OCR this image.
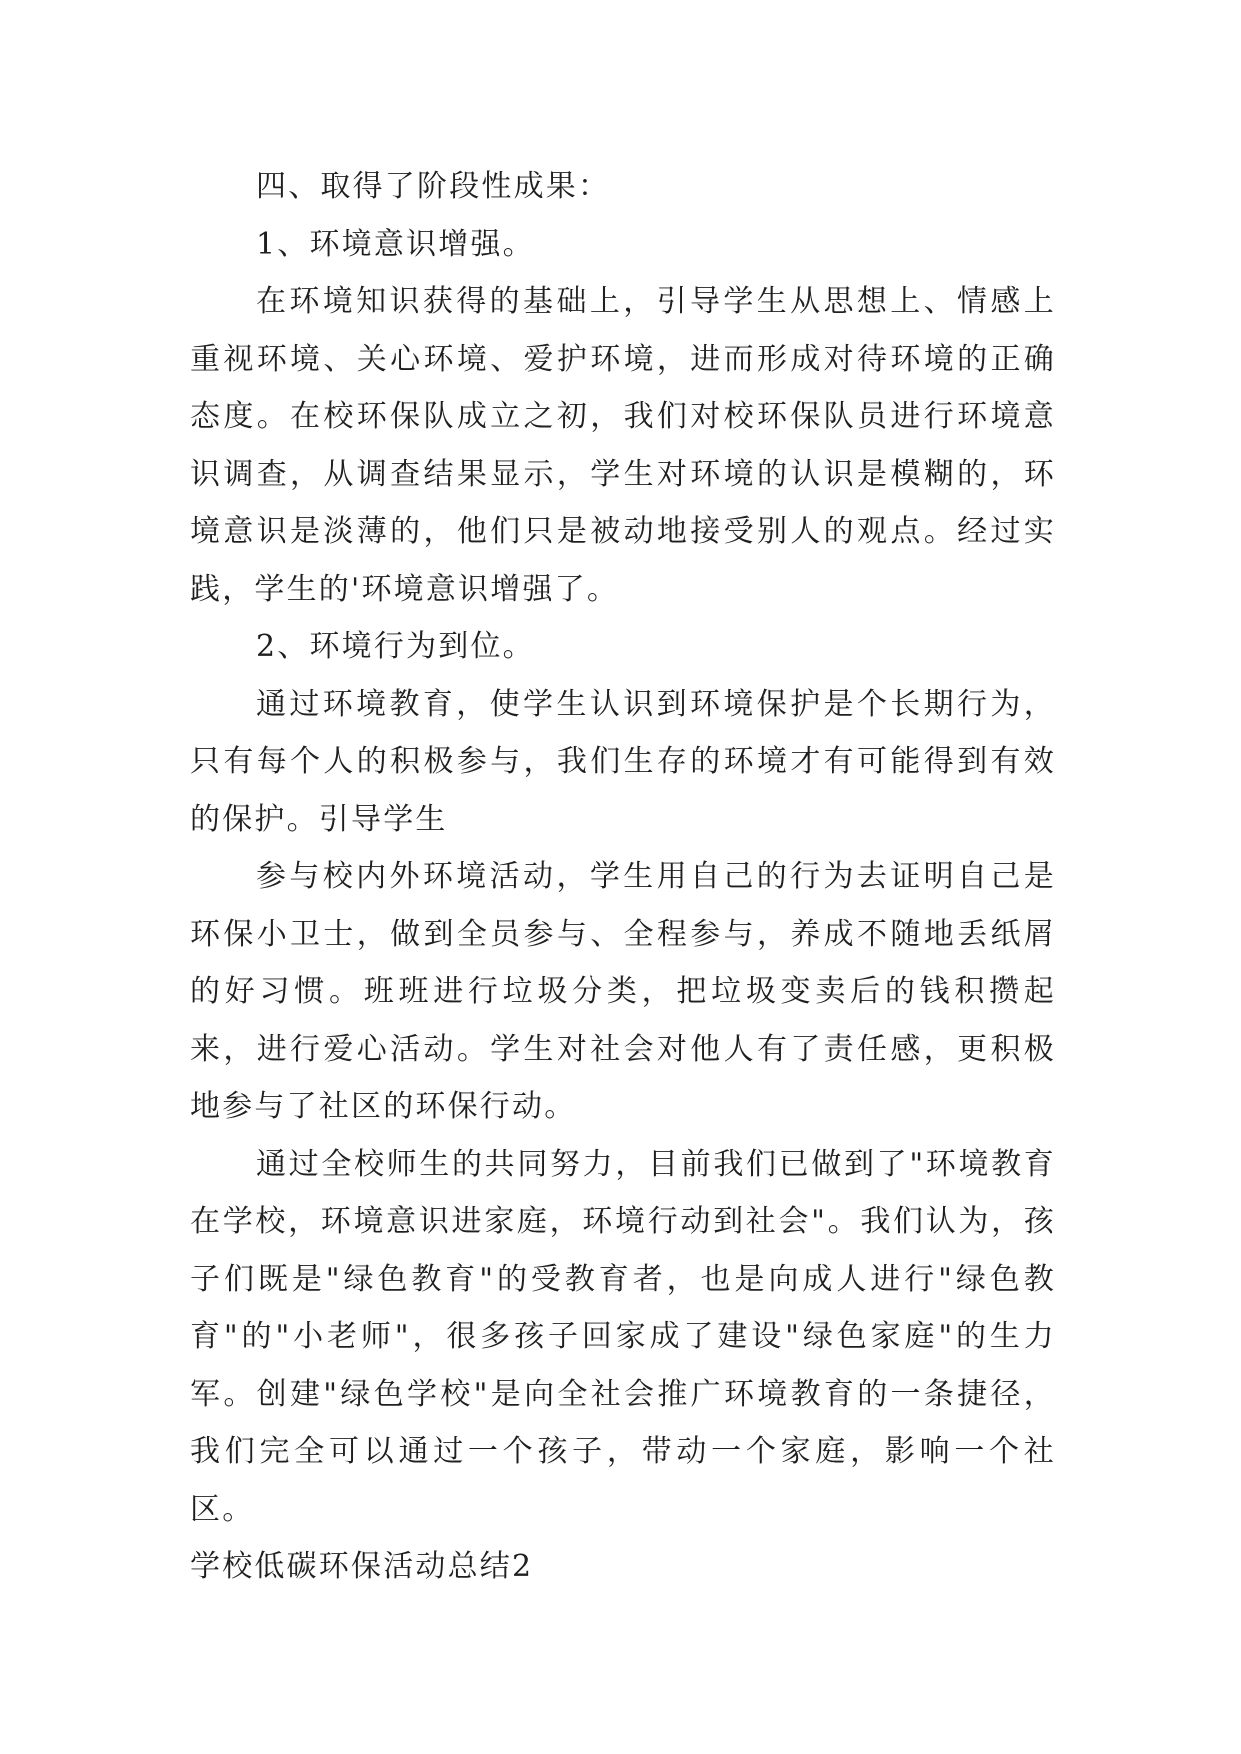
四、取得了阶段性成果：

1、环境意识增强。

在环境知识获得的基础上，引导学生从思想上、情感上重视环境、关心环境、爱护环境，进而形成对待环境的正确态度。在校环保队成立之初，我们对校环保队员进行环境意识调查，从调查结果显示，学生对环境的认识是模糊的，环境意识是淡薄的，他们只是被动地接受别人的观点。经过实践，学生的'环境意识增强了。

2、环境行为到位。

通过环境教育，使学生认识到环境保护是个长期行为，只有每个人的积极参与，我们生存的环境才有可能得到有效的保护。引导学生

参与校内外环境活动，学生用自己的行为去证明自己是环保小卫士，做到全员参与、全程参与，养成不随地丢纸屑的好习惯。班班进行垃圾分类，把垃圾变卖后的钱积攒起来，进行爱心活动。学生对社会对他人有了责任感，更积极地参与了社区的环保行动。

通过全校师生的共同努力，目前我们已做到了"环境教育在学校，环境意识进家庭，环境行动到社会"。我们认为，孩子们既是"绿色教育"的受教育者，也是向成人进行"绿色教育"的"小老师"，很多孩子回家成了建设"绿色家庭"的生力军。创建"绿色学校"是向全社会推广环境教育的一条捷径，我们完全可以通过一个孩子，带动一个家庭，影响一个社区。

学校低碳环保活动总结2
